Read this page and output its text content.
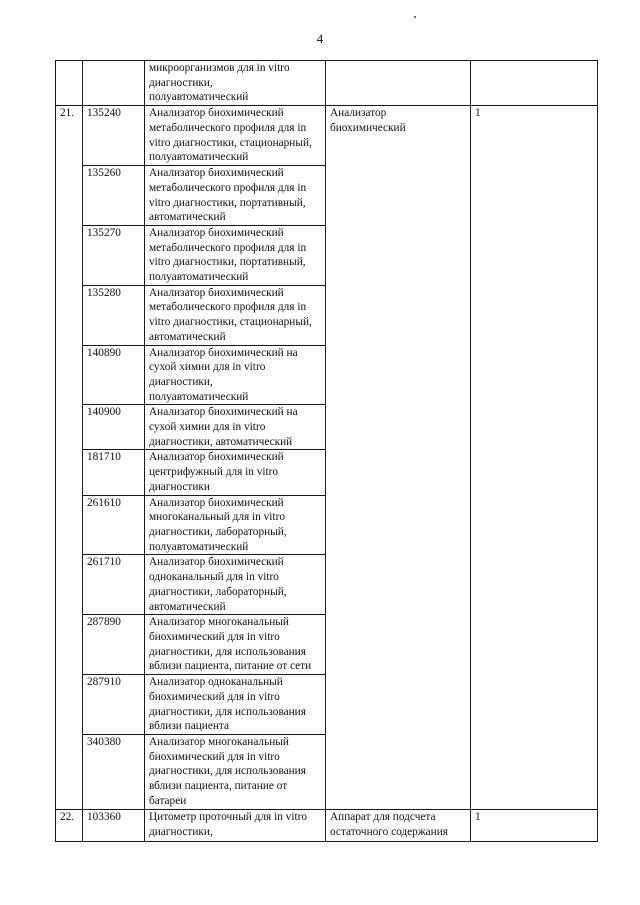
4

		микроорганизмов для in vitro
диагностики,
полуавтоматический		

21.	135240	Анализатор биохимический
метаболического профиля для in
vitro диагностики, стационарный,
полуавтоматический	Анализатор
биохимический	1

	135260	Анализатор биохимический
метаболического профиля для in
vitro диагностики, портативный,
автоматический		

	135270	Анализатор биохимический
метаболического профиля для in
vitro диагностики, портативный,
полуавтоматический		

	135280	Анализатор биохимический
метаболического профиля для in
vitro диагностики, стационарный,
автоматический		

	140890	Анализатор биохимический на
сухой химии для in vitro
диагностики,
полуавтоматический		

	140900	Анализатор биохимический на
сухой химии для in vitro
диагностики, автоматический		

	181710	Анализатор биохимический
центрифужный для in vitro
диагностики		

	261610	Анализатор биохимический
многоканальный для in vitro
диагностики, лабораторный,
полуавтоматический		

	261710	Анализатор биохимический
одноканальный для in vitro
диагностики, лабораторный,
автоматический		

	287890	Анализатор многоканальный
биохимический для in vitro
диагностики, для использования
вблизи пациента, питание от сети		

	287910	Анализатор одноканальный
биохимический для in vitro
диагностики, для использования
вблизи пациента		

	340380	Анализатор многоканальный
биохимический для in vitro
диагностики, для использования
вблизи пациента, питание от
батареи		

22.	103360	Цитометр проточный для in vitro
диагностики,	Аппарат для подсчета
остаточного содержания	1
